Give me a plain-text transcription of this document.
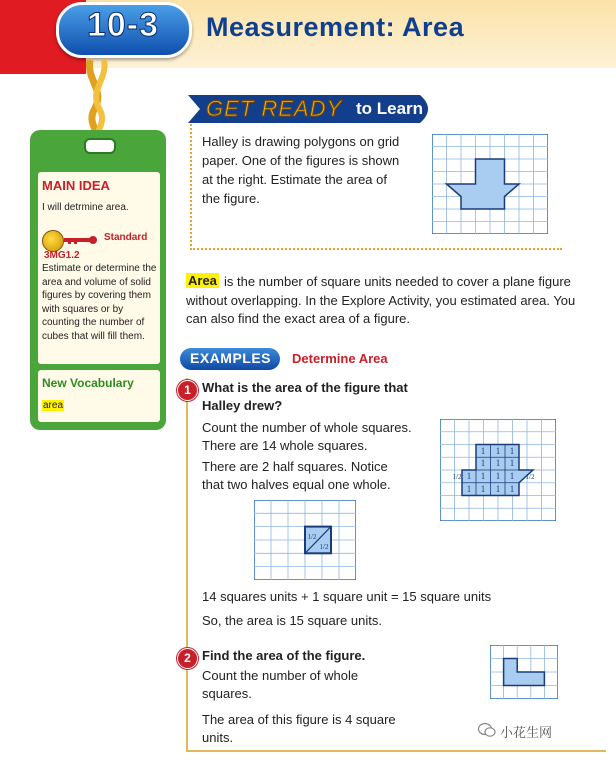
10-3	Measurement: Area
MAIN IDEA
I will detrmine area.
Standard
3MG1.2
Estimate or determine the area and volume of solid figures by covering them with squares or by counting the number of cubes that will fill them.
New Vocabulary
area
GET READY to Learn
Halley is drawing polygons on grid paper. One of the figures is shown at the right. Estimate the area of the figure.
is the number of square units needed to cover a plane figure without overlapping. In the Explore Activity, you estimated area. You can also find the exact area of a figure.
Area
EXAMPLES Determine Area
1 What is the area of the figure that
Halley drew?
Count the number of whole squares.
There are 14 whole squares.
There are 2 half squares. Notice
that two halves equal one whole.
1 1 1
1 1 1
1 1 1 1
1 1 1 1
1/2	1/2
1/2
1/2
14 squares units + 1 square unit = 15 square units
So, the area is 15 square units.
2 Find the area of the figure.
Count the number of whole
squares.
The area of this figure is 4 square
units.	小花生网
